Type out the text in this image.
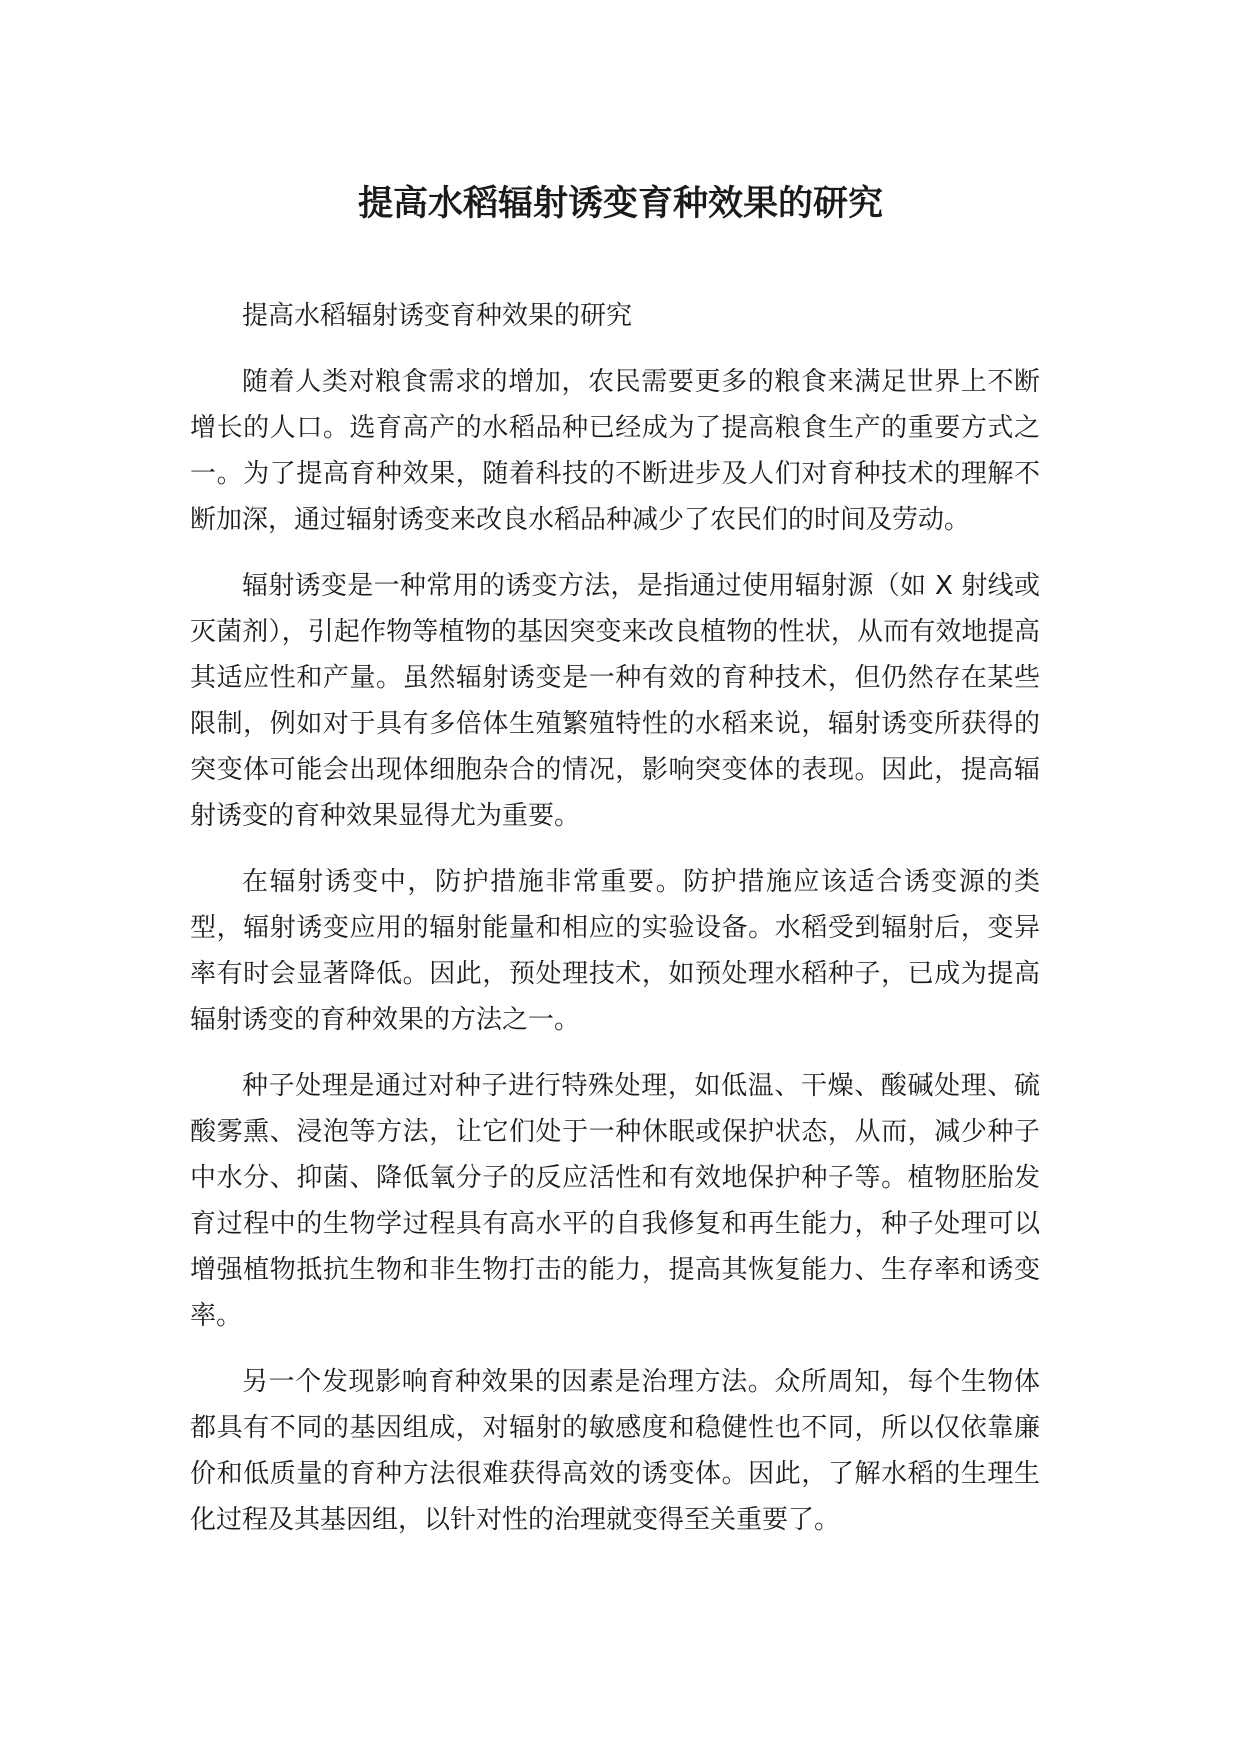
提高水稻辐射诱变育种效果的研究

提高水稻辐射诱变育种效果的研究

随着人类对粮食需求的增加，农民需要更多的粮食来满足世界上不断增长的人口。选育高产的水稻品种已经成为了提高粮食生产的重要方式之一。为了提高育种效果，随着科技的不断进步及人们对育种技术的理解不断加深，通过辐射诱变来改良水稻品种减少了农民们的时间及劳动。

辐射诱变是一种常用的诱变方法，是指通过使用辐射源（如 X 射线或灭菌剂），引起作物等植物的基因突变来改良植物的性状，从而有效地提高其适应性和产量。虽然辐射诱变是一种有效的育种技术，但仍然存在某些限制，例如对于具有多倍体生殖繁殖特性的水稻来说，辐射诱变所获得的突变体可能会出现体细胞杂合的情况，影响突变体的表现。因此，提高辐射诱变的育种效果显得尤为重要。

在辐射诱变中，防护措施非常重要。防护措施应该适合诱变源的类型，辐射诱变应用的辐射能量和相应的实验设备。水稻受到辐射后，变异率有时会显著降低。因此，预处理技术，如预处理水稻种子，已成为提高辐射诱变的育种效果的方法之一。

种子处理是通过对种子进行特殊处理，如低温、干燥、酸碱处理、硫酸雾熏、浸泡等方法，让它们处于一种休眠或保护状态，从而，减少种子中水分、抑菌、降低氧分子的反应活性和有效地保护种子等。植物胚胎发育过程中的生物学过程具有高水平的自我修复和再生能力，种子处理可以增强植物抵抗生物和非生物打击的能力，提高其恢复能力、生存率和诱变率。

另一个发现影响育种效果的因素是治理方法。众所周知，每个生物体都具有不同的基因组成，对辐射的敏感度和稳健性也不同，所以仅依靠廉价和低质量的育种方法很难获得高效的诱变体。因此，了解水稻的生理生化过程及其基因组，以针对性的治理就变得至关重要了。
